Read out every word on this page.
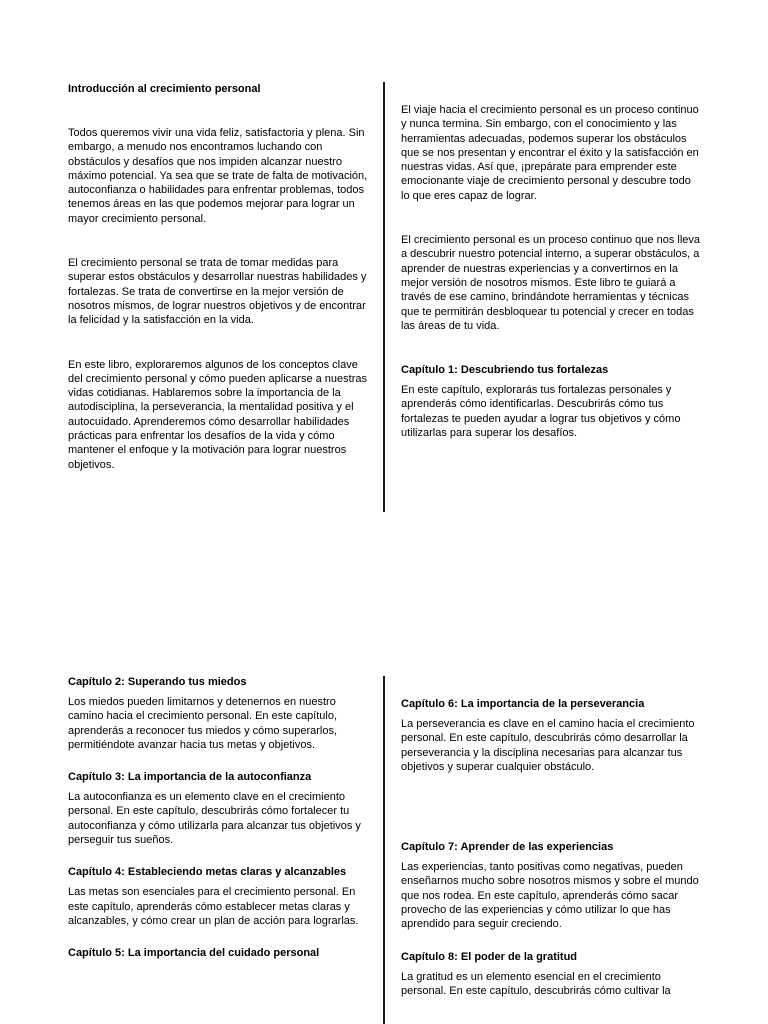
Introducción al crecimiento personal

Todos queremos vivir una vida feliz, satisfactoria y plena. Sin embargo, a menudo nos encontramos luchando con obstáculos y desafíos que nos impiden alcanzar nuestro máximo potencial. Ya sea que se trate de falta de motivación, autoconfianza o habilidades para enfrentar problemas, todos tenemos áreas en las que podemos mejorar para lograr un mayor crecimiento personal.

El crecimiento personal se trata de tomar medidas para superar estos obstáculos y desarrollar nuestras habilidades y fortalezas. Se trata de convertirse en la mejor versión de nosotros mismos, de lograr nuestros objetivos y de encontrar la felicidad y la satisfacción en la vida.

En este libro, exploraremos algunos de los conceptos clave del crecimiento personal y cómo pueden aplicarse a nuestras vidas cotidianas. Hablaremos sobre la importancia de la autodisciplina, la perseverancia, la mentalidad positiva y el autocuidado. Aprenderemos cómo desarrollar habilidades prácticas para enfrentar los desafíos de la vida y cómo mantener el enfoque y la motivación para lograr nuestros objetivos.

El viaje hacia el crecimiento personal es un proceso continuo y nunca termina. Sin embargo, con el conocimiento y las herramientas adecuadas, podemos superar los obstáculos que se nos presentan y encontrar el éxito y la satisfacción en nuestras vidas. Así que, ¡prepárate para emprender este emocionante viaje de crecimiento personal y descubre todo lo que eres capaz de lograr.

El crecimiento personal es un proceso continuo que nos lleva a descubrir nuestro potencial interno, a superar obstáculos, a aprender de nuestras experiencias y a convertirnos en la mejor versión de nosotros mismos. Este libro te guiará a través de ese camino, brindándote herramientas y técnicas que te permitirán desbloquear tu potencial y crecer en todas las áreas de tu vida.

Capítulo 1: Descubriendo tus fortalezas

En este capítulo, explorarás tus fortalezas personales y aprenderás cómo identificarlas. Descubrirás cómo tus fortalezas te pueden ayudar a lograr tus objetivos y cómo utilizarlas para superar los desafíos.

Capítulo 2: Superando tus miedos

Los miedos pueden limitarnos y detenernos en nuestro camino hacia el crecimiento personal. En este capítulo, aprenderás a reconocer tus miedos y cómo superarlos, permitiéndote avanzar hacia tus metas y objetivos.

Capítulo 3: La importancia de la autoconfianza

La autoconfianza es un elemento clave en el crecimiento personal. En este capítulo, descubrirás cómo fortalecer tu autoconfianza y cómo utilizarla para alcanzar tus objetivos y perseguir tus sueños.

Capítulo 4: Estableciendo metas claras y alcanzables

Las metas son esenciales para el crecimiento personal. En este capítulo, aprenderás cómo establecer metas claras y alcanzables, y cómo crear un plan de acción para lograrlas.

Capítulo 5: La importancia del cuidado personal

Capítulo 6: La importancia de la perseverancia

La perseverancia es clave en el camino hacia el crecimiento personal. En este capítulo, descubrirás cómo desarrollar la perseverancia y la disciplina necesarias para alcanzar tus objetivos y superar cualquier obstáculo.

Capítulo 7: Aprender de las experiencias

Las experiencias, tanto positivas como negativas, pueden enseñarnos mucho sobre nosotros mismos y sobre el mundo que nos rodea. En este capítulo, aprenderás cómo sacar provecho de las experiencias y cómo utilizar lo que has aprendido para seguir creciendo.

Capítulo 8: El poder de la gratitud

La gratitud es un elemento esencial en el crecimiento personal. En este capítulo, descubrirás cómo cultivar la
